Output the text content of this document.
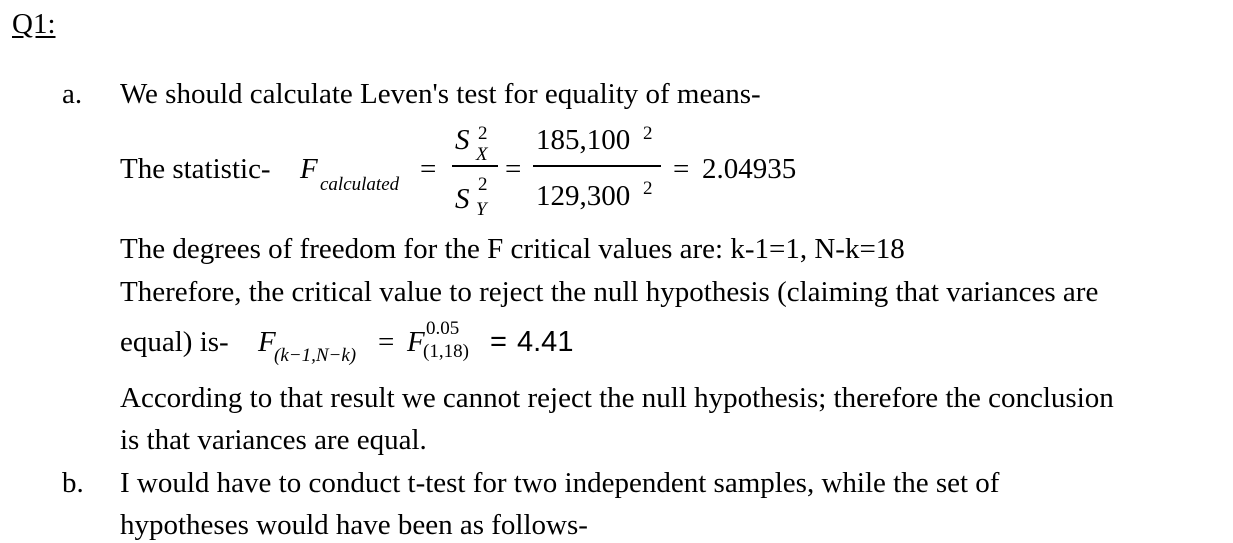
Q1:
a. We should calculate Leven's test for equality of means-
The statistic- F calculated =
S 2
X
S 2
Y
=
185,100 2
129,300 2
= 2.04935
The degrees of freedom for the F critical values are: k-1=1, N-k=18
Therefore, the critical value to reject the null hypothesis (claiming that variances are
equal) is- F
(k−1,N−k) = F 0.05
(1,18) = 4.41
According to that result we cannot reject the null hypothesis; therefore the conclusion
is that variances are equal.
b. I would have to conduct t-test for two independent samples, while the set of
hypotheses would have been as follows-
